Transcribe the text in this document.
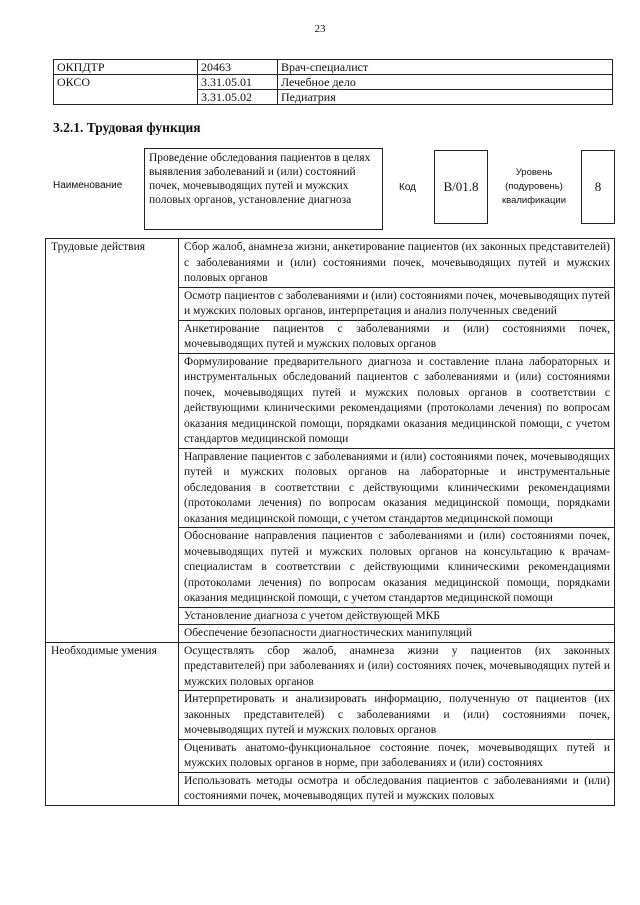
23
ОКПДТР	20463	Врач-специалист
ОКСО	3.31.05.01	Лечебное дело
	3.31.05.02	Педиатрия
3.2.1. Трудовая функция
Наименование
Проведение обследования пациентов в целях выявления заболеваний и (или) состояний почек, мочевыводящих путей и мужских половых органов, установление диагноза
Код	B/01.8
Уровень (подуровень) квалификации
8
Трудовые действия	Сбор жалоб, анамнеза жизни, анкетирование пациентов (их законных представителей) с заболеваниями и (или) состояниями почек, мочевыводящих путей и мужских половых органов
	Осмотр пациентов с заболеваниями и (или) состояниями почек, мочевыводящих путей и мужских половых органов, интерпретация и анализ полученных сведений
	Анкетирование пациентов с заболеваниями и (или) состояниями почек, мочевыводящих путей и мужских половых органов
	Формулирование предварительного диагноза и составление плана лабораторных и инструментальных обследований пациентов с заболеваниями и (или) состояниями почек, мочевыводящих путей и мужских половых органов в соответствии с действующими клиническими рекомендациями (протоколами лечения) по вопросам оказания медицинской помощи, порядками оказания медицинской помощи, с учетом стандартов медицинской помощи
	Направление пациентов с заболеваниями и (или) состояниями почек, мочевыводящих путей и мужских половых органов на лабораторные и инструментальные обследования в соответствии с действующими клиническими рекомендациями (протоколами лечения) по вопросам оказания медицинской помощи, порядками оказания медицинской помощи, с учетом стандартов медицинской помощи
	Обоснование направления пациентов с заболеваниями и (или) состояниями почек, мочевыводящих путей и мужских половых органов на консультацию к врачам-специалистам в соответствии с действующими клиническими рекомендациями (протоколами лечения) по вопросам оказания медицинской помощи, порядками оказания медицинской помощи, с учетом стандартов медицинской помощи
	Установление диагноза с учетом действующей МКБ
	Обеспечение безопасности диагностических манипуляций
Необходимые умения	Осуществлять сбор жалоб, анамнеза жизни у пациентов (их законных представителей) при заболеваниях и (или) состояниях почек, мочевыводящих путей и мужских половых органов
	Интерпретировать и анализировать информацию, полученную от пациентов (их законных представителей) с заболеваниями и (или) состояниями почек, мочевыводящих путей и мужских половых органов
	Оценивать анатомо-функциональное состояние почек, мочевыводящих путей и мужских половых органов в норме, при заболеваниях и (или) состояниях
	Использовать методы осмотра и обследования пациентов с заболеваниями и (или) состояниями почек, мочевыводящих путей и мужских половых
